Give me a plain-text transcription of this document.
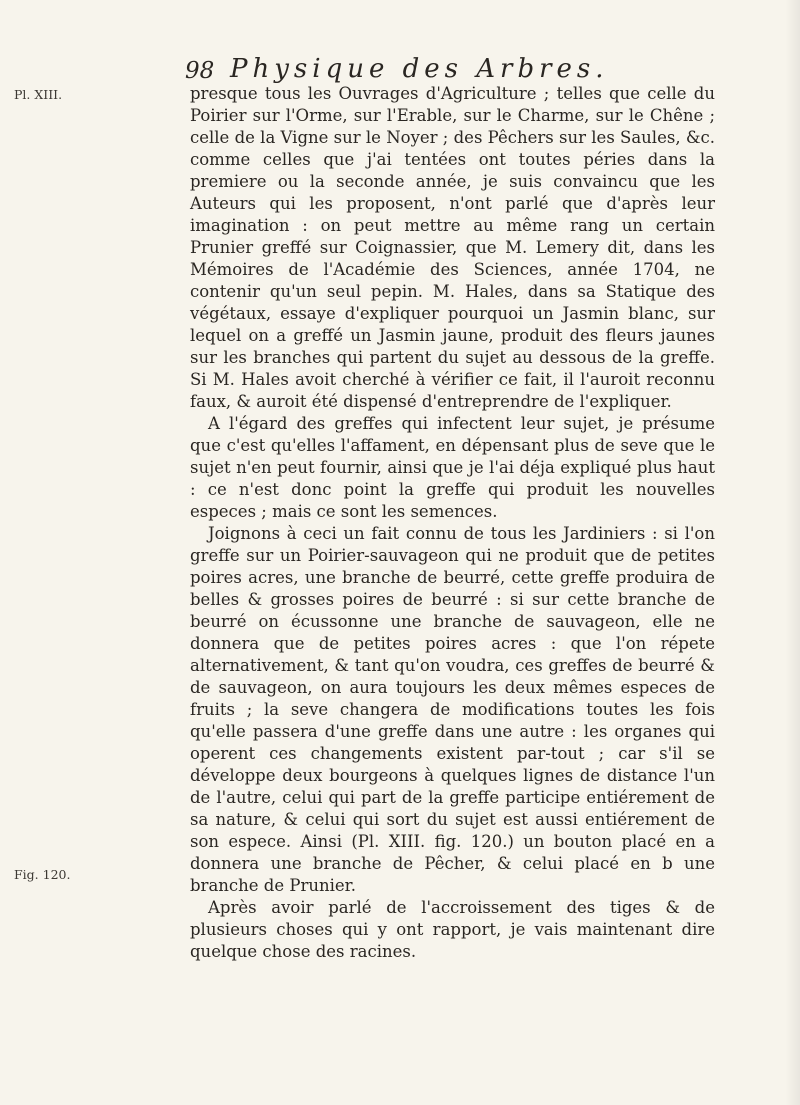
98 Physique des Arbres.
Pl. XIII.
Fig. 120.

presque tous les Ouvrages d'Agriculture ; telles que celle du Poirier sur l'Orme, sur l'Erable, sur le Charme, sur le Chêne ; celle de la Vigne sur le Noyer ; des Pêchers sur les Saules, &c. comme celles que j'ai tentées ont toutes péries dans la premiere ou la seconde année, je suis convaincu que les Auteurs qui les proposent, n'ont parlé que d'après leur imagination : on peut mettre au même rang un certain Prunier greffé sur Coignassier, que M. Lemery dit, dans les Mémoires de l'Académie des Sciences, année 1704, ne contenir qu'un seul pepin. M. Hales, dans sa Statique des végétaux, essaye d'expliquer pourquoi un Jasmin blanc, sur lequel on a greffé un Jasmin jaune, produit des fleurs jaunes sur les branches qui partent du sujet au dessous de la greffe. Si M. Hales avoit cherché à vérifier ce fait, il l'auroit reconnu faux, & auroit été dispensé d'entreprendre de l'expliquer.

A l'égard des greffes qui infectent leur sujet, je présume que c'est qu'elles l'affament, en dépensant plus de seve que le sujet n'en peut fournir, ainsi que je l'ai déja expliqué plus haut : ce n'est donc point la greffe qui produit les nouvelles especes ; mais ce sont les semences.

Joignons à ceci un fait connu de tous les Jardiniers : si l'on greffe sur un Poirier-sauvageon qui ne produit que de petites poires acres, une branche de beurré, cette greffe produira de belles & grosses poires de beurré : si sur cette branche de beurré on écussonne une branche de sauvageon, elle ne donnera que de petites poires acres : que l'on répete alternativement, & tant qu'on voudra, ces greffes de beurré & de sauvageon, on aura toujours les deux mêmes especes de fruits ; la seve changera de modifications toutes les fois qu'elle passera d'une greffe dans une autre : les organes qui operent ces changements existent par-tout ; car s'il se développe deux bourgeons à quelques lignes de distance l'un de l'autre, celui qui part de la greffe participe entiérement de sa nature, & celui qui sort du sujet est aussi entiérement de son espece. Ainsi (Pl. XIII. fig. 120.) un bouton placé en a donnera une branche de Pêcher, & celui placé en b une branche de Prunier.

Après avoir parlé de l'accroissement des tiges & de plusieurs choses qui y ont rapport, je vais maintenant dire quelque chose des racines.
